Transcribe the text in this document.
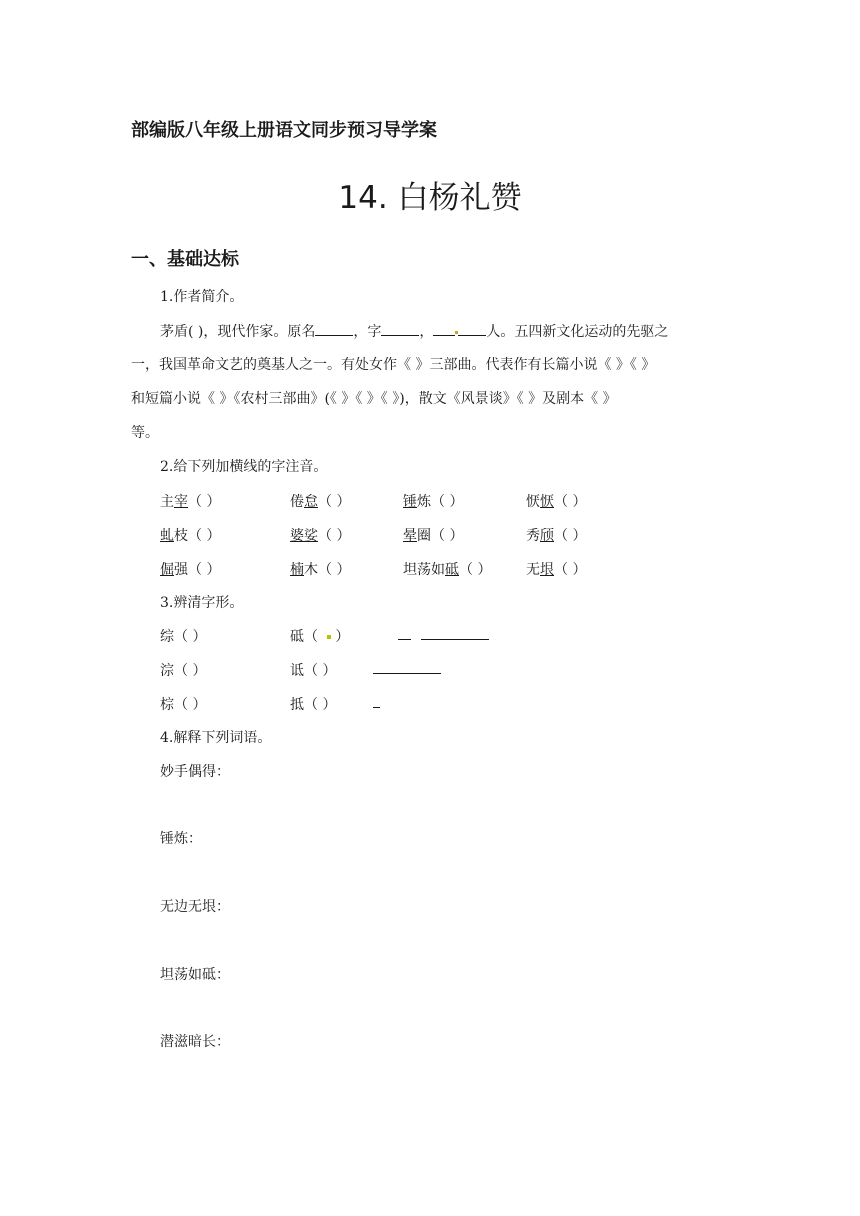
部编版八年级上册语文同步预习导学案
14. 白杨礼赞
一、基础达标
1.作者简介。
茅盾( )，现代作家。原名	，字	，	人。五四新文化运动的先驱之
一，我国革命文艺的奠基人之一。有处女作《 》三部曲。代表作有长篇小说《 》《 》
和短篇小说《 》《农村三部曲》(《 》《 》《 》)，散文《风景谈》《 》及剧本《 》
等。
2.给下列加横线的字注音。
主宰（ ）	倦怠（ ）	锤炼（ ）	恹恹（ ）
虬枝（ ）	婆娑（ ）	晕圈（ ）	秀颀（ ）
倔强（ ）	楠木（ ）	坦荡如砥（ ） 无垠（ ）
3.辨清字形。
综（ ）	砥（   ）
淙（ ）	诋（ ）
棕（ ）	抵（ ）
4.解释下列词语。
妙手偶得：
锤炼：
无边无垠：
坦荡如砥：
潜滋暗长：
